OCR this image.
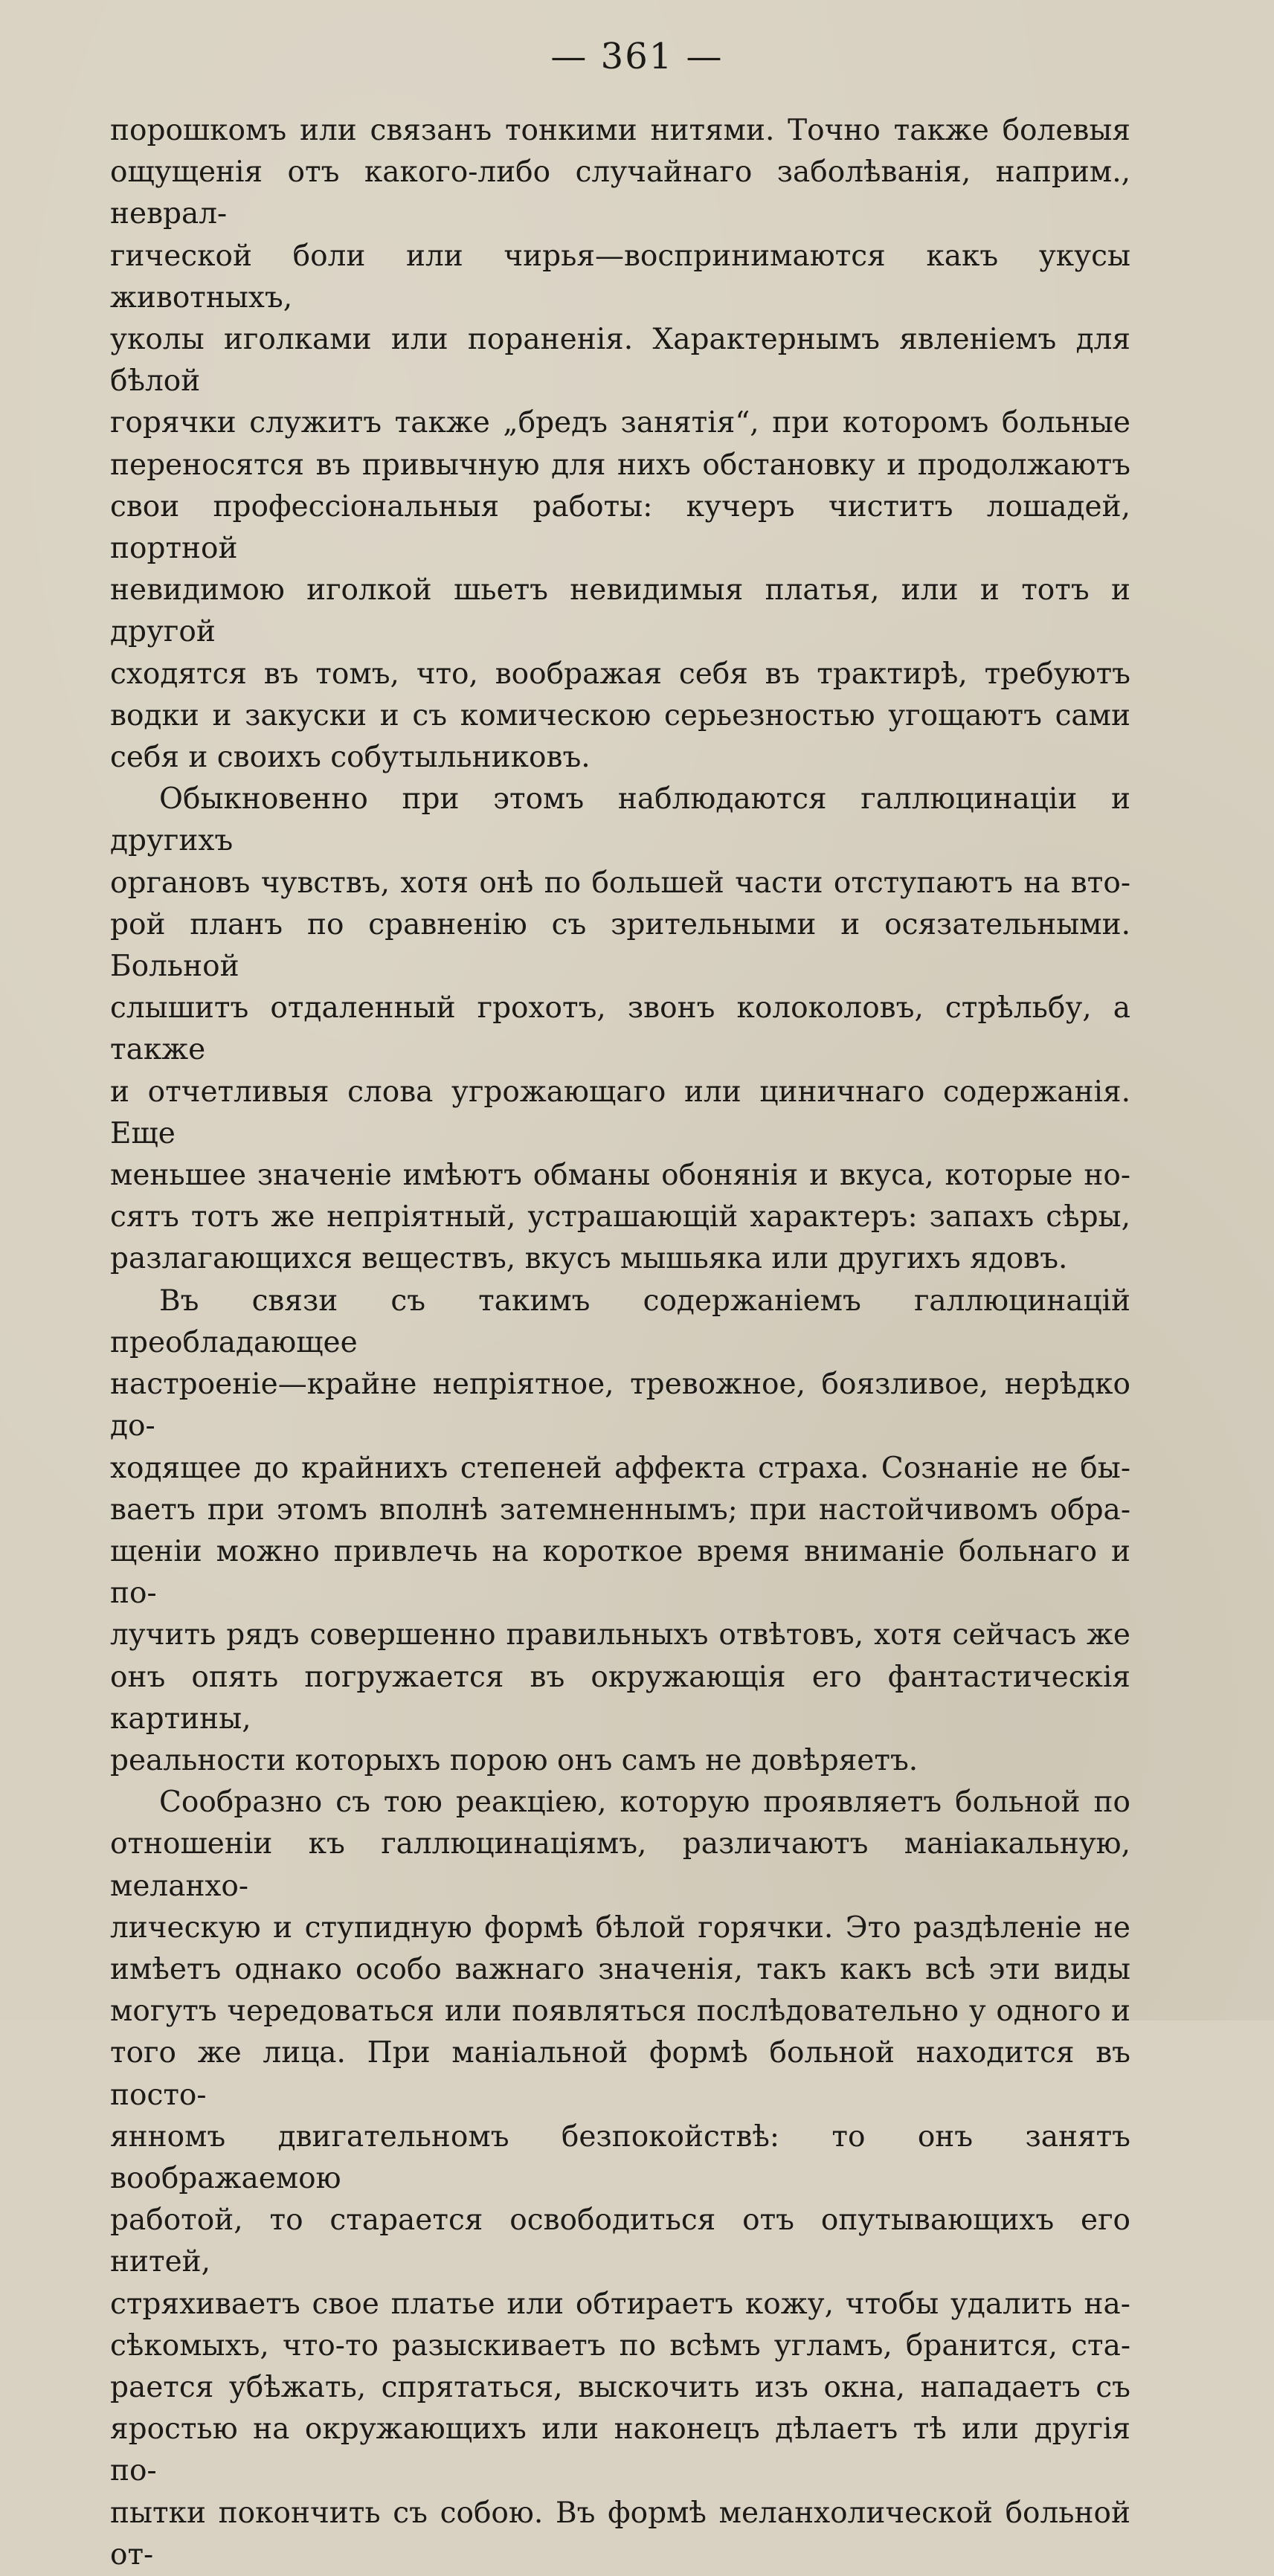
— 361 —

порошкомъ или связанъ тонкими нитями. Точно также болевыя
ощущенія отъ какого-либо случайнаго заболѣванія, наприм., неврал-
гической боли или чирья—воспринимаются какъ укусы животныхъ,
уколы иголками или пораненія. Характернымъ явленіемъ для бѣлой
горячки служитъ также „бредъ занятія“, при которомъ больные
переносятся въ привычную для нихъ обстановку и продолжаютъ
свои профессіональныя работы: кучеръ чиститъ лошадей, портной
невидимою иголкой шьетъ невидимыя платья, или и тотъ и другой
сходятся въ томъ, что, воображая себя въ трактирѣ, требуютъ
водки и закуски и съ комическою серьезностью угощаютъ сами
себя и своихъ собутыльниковъ.

Обыкновенно при этомъ наблюдаются галлюцинаціи и другихъ
органовъ чувствъ, хотя онѣ по большей части отступаютъ на вто-
рой планъ по сравненію съ зрительными и осязательными. Больной
слышитъ отдаленный грохотъ, звонъ колоколовъ, стрѣльбу, а также
и отчетливыя слова угрожающаго или циничнаго содержанія. Еще
меньшее значеніе имѣютъ обманы обонянія и вкуса, которые но-
сятъ тотъ же непріятный, устрашающій характеръ: запахъ сѣры,
разлагающихся веществъ, вкусъ мышьяка или другихъ ядовъ.

Въ связи съ такимъ содержаніемъ галлюцинацій преобладающее
настроеніе—крайне непріятное, тревожное, боязливое, нерѣдко до-
ходящее до крайнихъ степеней аффекта страха. Сознаніе не бы-
ваетъ при этомъ вполнѣ затемненнымъ; при настойчивомъ обра-
щеніи можно привлечь на короткое время вниманіе больнаго и по-
лучить рядъ совершенно правильныхъ отвѣтовъ, хотя сейчасъ же
онъ опять погружается въ окружающія его фантастическія картины,
реальности которыхъ порою онъ самъ не довѣряетъ.

Сообразно съ тою реакціею, которую проявляетъ больной по
отношеніи къ галлюцинаціямъ, различаютъ маніакальную, меланхо-
лическую и ступидную формѣ бѣлой горячки. Это раздѣленіе не
имѣетъ однако особо важнаго значенія, такъ какъ всѣ эти виды
могутъ чередоваться или появляться послѣдовательно у одного и
того же лица. При маніальной формѣ больной находится въ посто-
янномъ двигательномъ безпокойствѣ: то онъ занятъ воображаемою
работой, то старается освободиться отъ опутывающихъ его нитей,
стряхиваетъ свое платье или обтираетъ кожу, чтобы удалить на-
сѣкомыхъ, что-то разыскиваетъ по всѣмъ угламъ, бранится, ста-
рается убѣжать, спрятаться, выскочить изъ окна, нападаетъ съ
яростью на окружающихъ или наконецъ дѣлаетъ тѣ или другія по-
пытки покончить съ собою. Въ формѣ меланхолической больной от-
